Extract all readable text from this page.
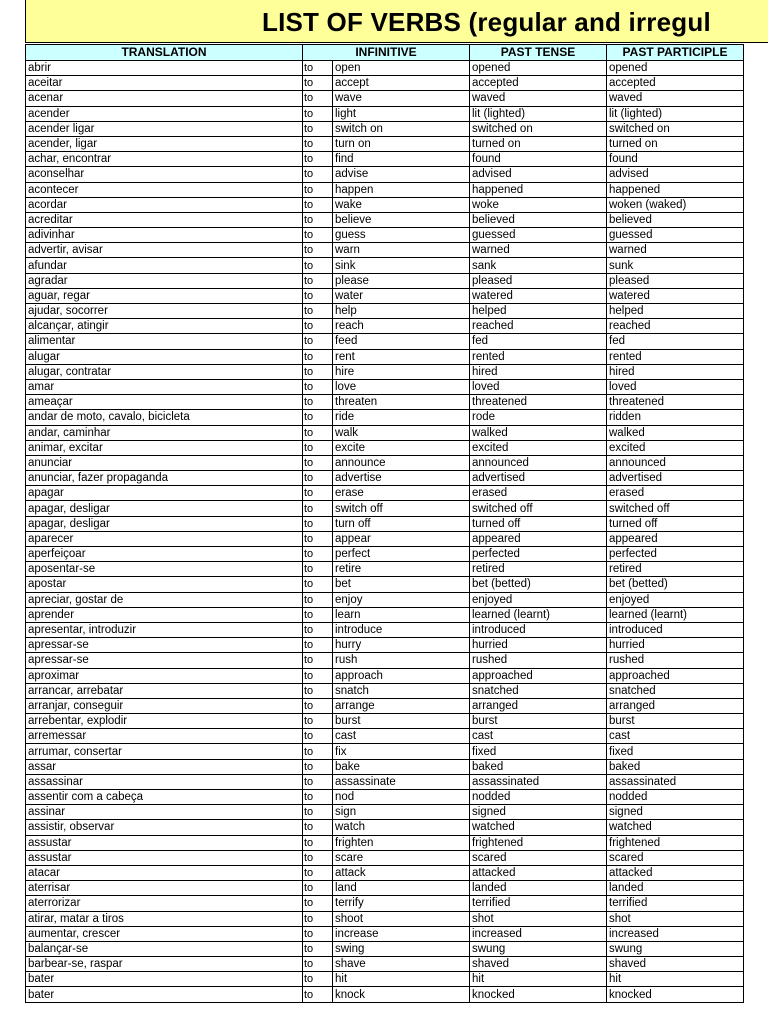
LIST OF VERBS (regular and irregul
TRANSLATION	INFINITIVE		PAST TENSE	PAST PARTICIPLE
abrir	to	open	opened	opened
aceitar	to	accept	accepted	accepted
acenar	to	wave	waved	waved
acender	to	light	lit (lighted)	lit (lighted)
acender ligar	to	switch on	switched on	switched on
acender, ligar	to	turn on	turned on	turned on
achar, encontrar	to	find	found	found
aconselhar	to	advise	advised	advised
acontecer	to	happen	happened	happened
acordar	to	wake	woke	woken (waked)
acreditar	to	believe	believed	believed
adivinhar	to	guess	guessed	guessed
advertir, avisar	to	warn	warned	warned
afundar	to	sink	sank	sunk
agradar	to	please	pleased	pleased
aguar, regar	to	water	watered	watered
ajudar, socorrer	to	help	helped	helped
alcançar, atingir	to	reach	reached	reached
alimentar	to	feed	fed	fed
alugar	to	rent	rented	rented
alugar, contratar	to	hire	hired	hired
amar	to	love	loved	loved
ameaçar	to	threaten	threatened	threatened
andar de moto, cavalo, bicicleta	to	ride	rode	ridden
andar, caminhar	to	walk	walked	walked
animar, excitar	to	excite	excited	excited
anunciar	to	announce	announced	announced
anunciar, fazer propaganda	to	advertise	advertised	advertised
apagar	to	erase	erased	erased
apagar, desligar	to	switch off	switched off	switched off
apagar, desligar	to	turn off	turned off	turned off
aparecer	to	appear	appeared	appeared
aperfeiçoar	to	perfect	perfected	perfected
aposentar-se	to	retire	retired	retired
apostar	to	bet	bet (betted)	bet (betted)
apreciar, gostar de	to	enjoy	enjoyed	enjoyed
aprender	to	learn	learned (learnt)	learned (learnt)
apresentar, introduzir	to	introduce	introduced	introduced
apressar-se	to	hurry	hurried	hurried
apressar-se	to	rush	rushed	rushed
aproximar	to	approach	approached	approached
arrancar, arrebatar	to	snatch	snatched	snatched
arranjar, conseguir	to	arrange	arranged	arranged
arrebentar, explodir	to	burst	burst	burst
arremessar	to	cast	cast	cast
arrumar, consertar	to	fix	fixed	fixed
assar	to	bake	baked	baked
assassinar	to	assassinate	assassinated	assassinated
assentir com a cabeça	to	nod	nodded	nodded
assinar	to	sign	signed	signed
assistir, observar	to	watch	watched	watched
assustar	to	frighten	frightened	frightened
assustar	to	scare	scared	scared
atacar	to	attack	attacked	attacked
aterrisar	to	land	landed	landed
aterrorizar	to	terrify	terrified	terrified
atirar, matar a tiros	to	shoot	shot	shot
aumentar, crescer	to	increase	increased	increased
balançar-se	to	swing	swung	swung
barbear-se, raspar	to	shave	shaved	shaved
bater	to	hit	hit	hit
bater	to	knock	knocked	knocked
